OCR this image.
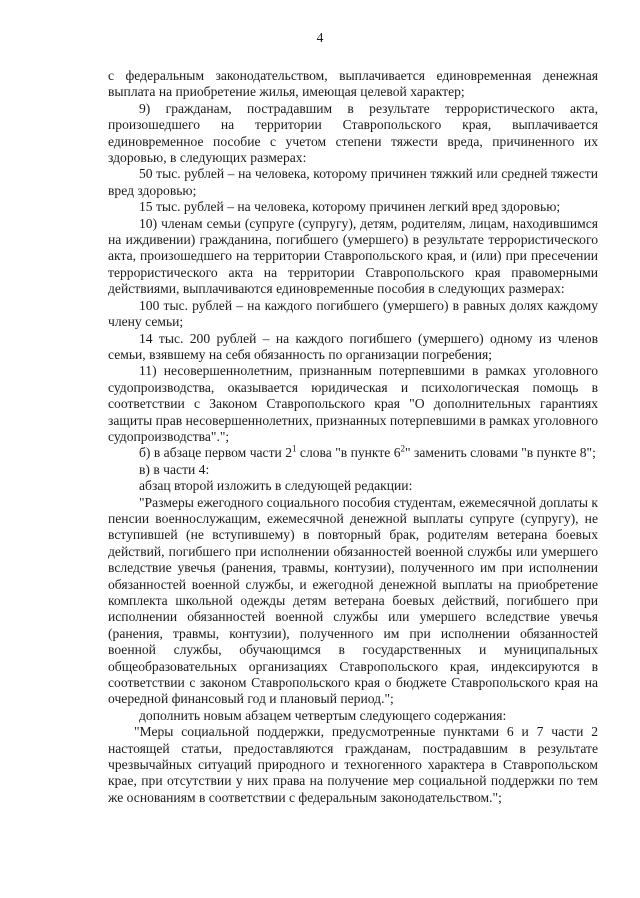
4

с федеральным законодательством, выплачивается единовременная денежная выплата на приобретение жилья, имеющая целевой характер;

9) гражданам, пострадавшим в результате террористического акта, произошедшего на территории Ставропольского края, выплачивается единовременное пособие с учетом степени тяжести вреда, причиненного их здоровью, в следующих размерах:

50 тыс. рублей – на человека, которому причинен тяжкий или средней тяжести вред здоровью;

15 тыс. рублей – на человека, которому причинен легкий вред здоровью;

10) членам семьи (супруге (супругу), детям, родителям, лицам, находившимся на иждивении) гражданина, погибшего (умершего) в результате террористического акта, произошедшего на территории Ставропольского края, и (или) при пресечении террористического акта на территории Ставропольского края правомерными действиями, выплачиваются единовременные пособия в следующих размерах:

100 тыс. рублей – на каждого погибшего (умершего) в равных долях каждому члену семьи;

14 тыс. 200 рублей – на каждого погибшего (умершего) одному из членов семьи, взявшему на себя обязанность по организации погребения;

11) несовершеннолетним, признанным потерпевшими в рамках уголовного судопроизводства, оказывается юридическая и психологическая помощь в соответствии с Законом Ставропольского края "О дополнительных гарантиях защиты прав несовершеннолетних, признанных потерпевшими в рамках уголовного судопроизводства".";

б) в абзаце первом части $2^1$ слова "в пункте $6^2$" заменить словами "в пункте 8";

в) в части 4:

абзац второй изложить в следующей редакции:

"Размеры ежегодного социального пособия студентам, ежемесячной доплаты к пенсии военнослужащим, ежемесячной денежной выплаты супруге (супругу), не вступившей (не вступившему) в повторный брак, родителям ветерана боевых действий, погибшего при исполнении обязанностей военной службы или умершего вследствие увечья (ранения, травмы, контузии), полученного им при исполнении обязанностей военной службы, и ежегодной денежной выплаты на приобретение комплекта школьной одежды детям ветерана боевых действий, погибшего при исполнении обязанностей военной службы или умершего вследствие увечья (ранения, травмы, контузии), полученного им при исполнении обязанностей военной службы, обучающимся в государственных и муниципальных общеобразовательных организациях Ставропольского края, индексируются в соответствии с законом Ставропольского края о бюджете Ставропольского края на очередной финансовый год и плановый период.";

дополнить новым абзацем четвертым следующего содержания:

"Меры социальной поддержки, предусмотренные пунктами 6 и 7 части 2 настоящей статьи, предоставляются гражданам, пострадавшим в результате чрезвычайных ситуаций природного и техногенного характера в Ставропольском крае, при отсутствии у них права на получение мер социальной поддержки по тем же основаниям в соответствии с федеральным законодательством.";
